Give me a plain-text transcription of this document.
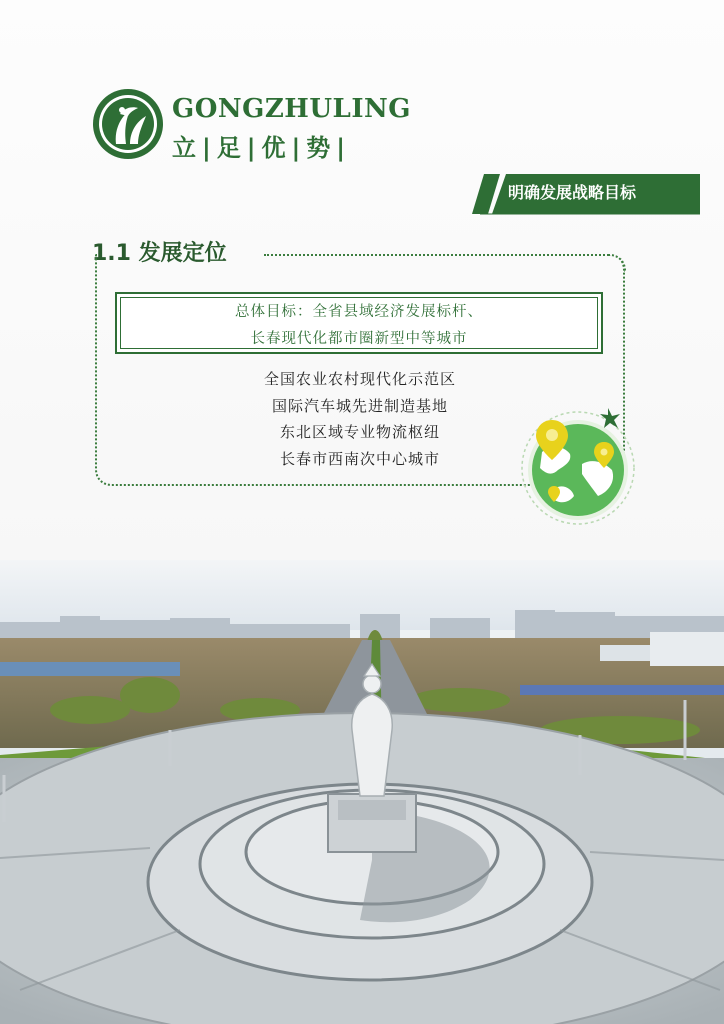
GONGZHULING
立|足|优|势|
明确发展战略目标
1.1 发展定位
总体目标：全省县域经济发展标杆、
长春现代化都市圈新型中等城市
全国农业农村现代化示范区
国际汽车城先进制造基地
东北区域专业物流枢纽
长春市西南次中心城市
